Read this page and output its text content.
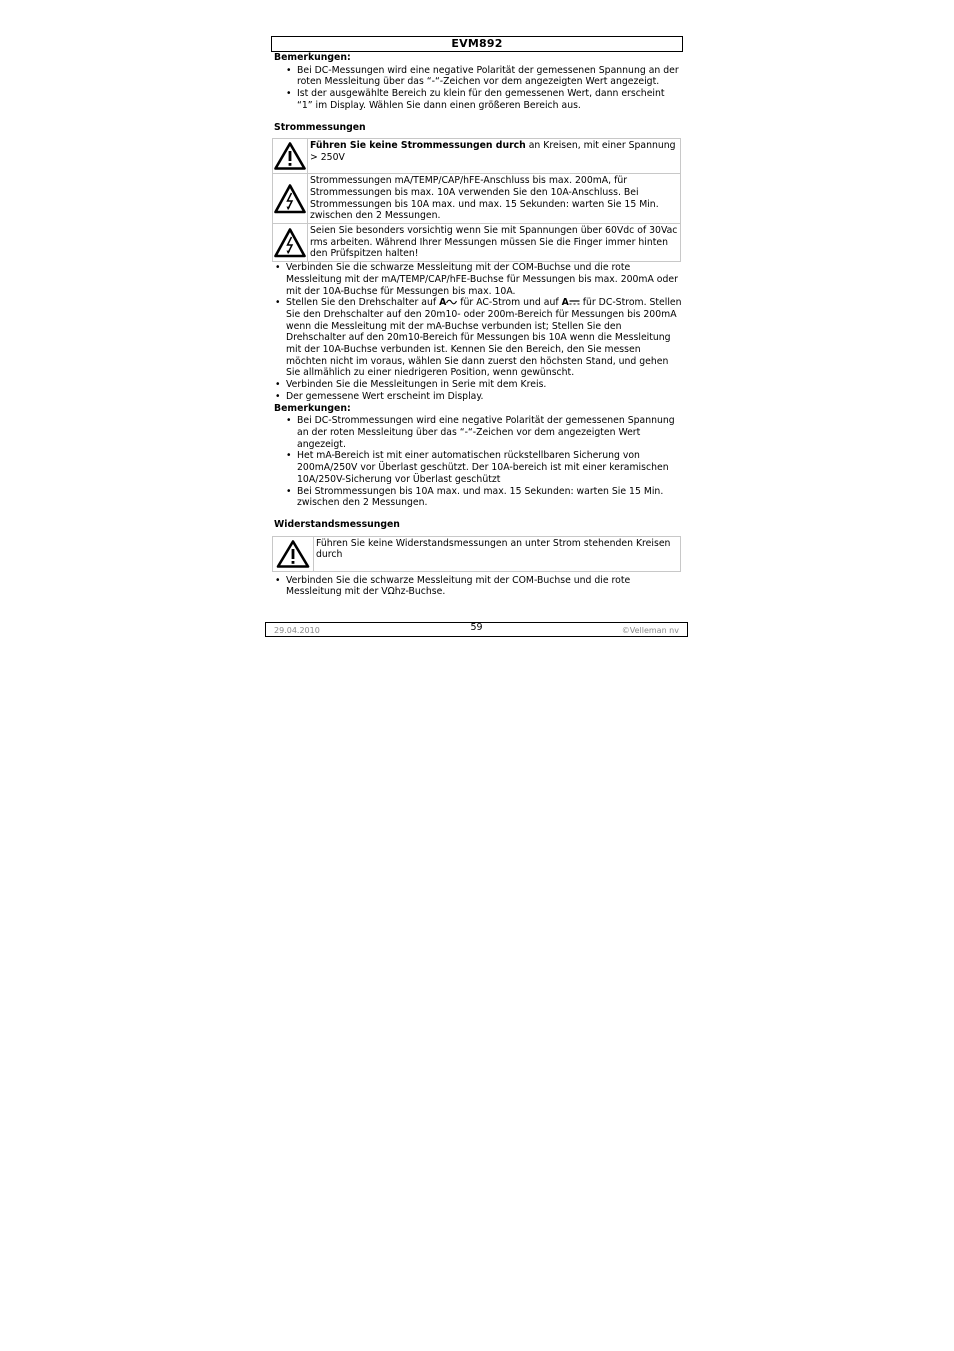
EVM892
Bemerkungen:
• Bei DC-Messungen wird eine negative Polarität der gemessenen Spannung an der roten Messleitung über das “-“-Zeichen vor dem angezeigten Wert angezeigt.
• Ist der ausgewählte Bereich zu klein für den gemessenen Wert, dann erscheint “1” im Display. Wählen Sie dann einen größeren Bereich aus.
Strommessungen
	Führen Sie keine Strommessungen durch an Kreisen, mit einer Spannung > 250V

	Strommessungen mA/TEMP/CAP/hFE-Anschluss bis max. 200mA, für Strommessungen bis max. 10A verwenden Sie den 10A-Anschluss. Bei Strommessungen bis 10A max. und max. 15 Sekunden: warten Sie 15 Min. zwischen den 2 Messungen.

	Seien Sie besonders vorsichtig wenn Sie mit Spannungen über 60Vdc of 30Vac rms arbeiten. Während Ihrer Messungen müssen Sie die Finger immer hinten den Prüfspitzen halten!
• Verbinden Sie die schwarze Messleitung mit der COM-Buchse und die rote Messleitung mit der mA/TEMP/CAP/hFE-Buchse für Messungen bis max. 200mA oder mit der 10A-Buchse für Messungen bis max. 10A.
• Stellen Sie den Drehschalter auf A für AC-Strom und auf A für DC-Strom. Stellen Sie den Drehschalter auf den 20m10- oder 200m-Bereich für Messungen bis 200mA wenn die Messleitung mit der mA-Buchse verbunden ist; Stellen Sie den Drehschalter auf den 20m10-Bereich für Messungen bis 10A wenn die Messleitung mit der 10A-Buchse verbunden ist. Kennen Sie den Bereich, den Sie messen möchten nicht im voraus, wählen Sie dann zuerst den höchsten Stand, und gehen Sie allmählich zu einer niedrigeren Position, wenn gewünscht.
• Verbinden Sie die Messleitungen in Serie mit dem Kreis.
• Der gemessene Wert erscheint im Display.
Bemerkungen:
• Bei DC-Strommessungen wird eine negative Polarität der gemessenen Spannung an der roten Messleitung über das “-“-Zeichen vor dem angezeigten Wert angezeigt.
• Het mA-Bereich ist mit einer automatischen rückstellbaren Sicherung von 200mA/250V vor Überlast geschützt. Der 10A-bereich ist mit einer keramischen 10A/250V-Sicherung vor Überlast geschützt
• Bei Strommessungen bis 10A max. und max. 15 Sekunden: warten Sie 15 Min. zwischen den 2 Messungen.
Widerstandsmessungen
	Führen Sie keine Widerstandsmessungen an unter Strom stehenden Kreisen durch
• Verbinden Sie die schwarze Messleitung mit der COM-Buchse und die rote Messleitung mit der VΩhz-Buchse.
29.04.2010	59	©Velleman nv
